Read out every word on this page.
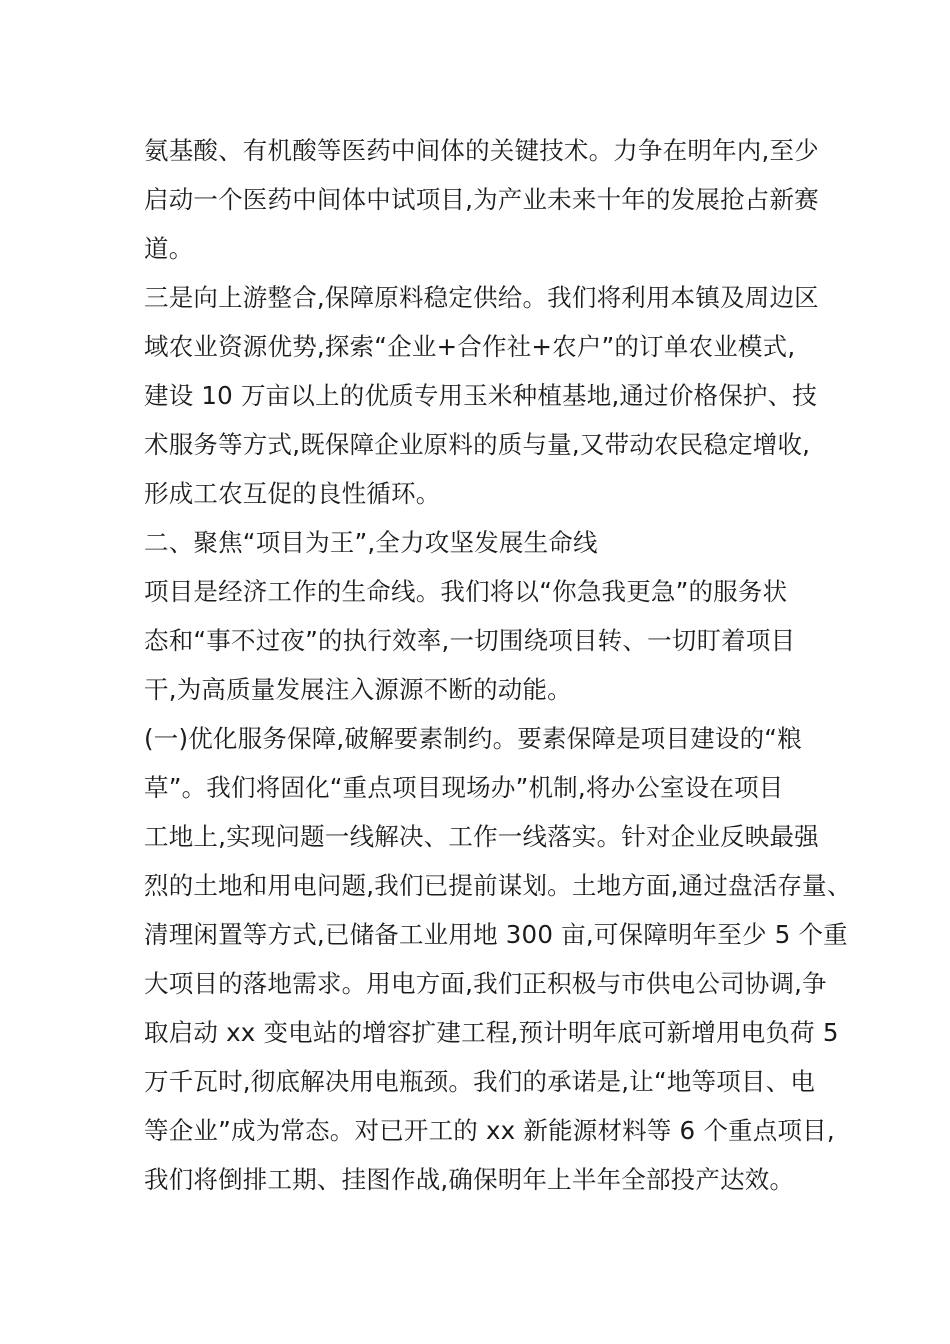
氨基酸、有机酸等医药中间体的关键技术。力争在明年内,至少
启动一个医药中间体中试项目,为产业未来十年的发展抢占新赛
道。
三是向上游整合,保障原料稳定供给。我们将利用本镇及周边区
域农业资源优势,探索“企业+合作社+农户”的订单农业模式,
建设 10 万亩以上的优质专用玉米种植基地,通过价格保护、技
术服务等方式,既保障企业原料的质与量,又带动农民稳定增收,
形成工农互促的良性循环。
二、聚焦“项目为王”,全力攻坚发展生命线
项目是经济工作的生命线。我们将以“你急我更急”的服务状
态和“事不过夜”的执行效率,一切围绕项目转、一切盯着项目
干,为高质量发展注入源源不断的动能。
(一)优化服务保障,破解要素制约。要素保障是项目建设的“粮
草”。我们将固化“重点项目现场办”机制,将办公室设在项目
工地上,实现问题一线解决、工作一线落实。针对企业反映最强
烈的土地和用电问题,我们已提前谋划。土地方面,通过盘活存量、
清理闲置等方式,已储备工业用地 300 亩,可保障明年至少 5 个重
大项目的落地需求。用电方面,我们正积极与市供电公司协调,争
取启动 xx 变电站的增容扩建工程,预计明年底可新增用电负荷 5
万千瓦时,彻底解决用电瓶颈。我们的承诺是,让“地等项目、电
等企业”成为常态。对已开工的 xx 新能源材料等 6 个重点项目,
我们将倒排工期、挂图作战,确保明年上半年全部投产达效。
